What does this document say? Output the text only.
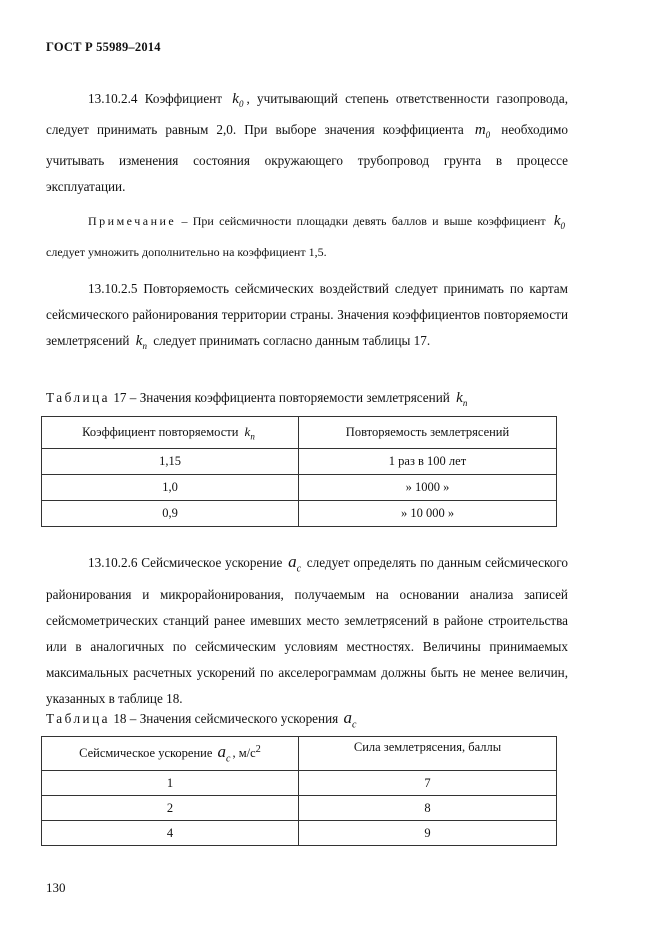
ГОСТ Р 55989–2014
13.10.2.4 Коэффициент $k_0$ , учитывающий степень ответственности газопровода, следует принимать равным 2,0. При выборе значения коэффициента $m_0$ необходимо учитывать изменения состояния окружающего трубопровод грунта в процессе эксплуатации.
Примечание – При сейсмичности площадки девять баллов и выше коэффициент $k_0$ следует умножить дополнительно на коэффициент 1,5.
13.10.2.5 Повторяемость сейсмических воздействий следует принимать по картам сейсмического районирования территории страны. Значения коэффициентов повторяемости землетрясений $k_п$ следует принимать согласно данным таблицы 17.
Таблица 17 – Значения коэффициента повторяемости землетрясений $k_п$
Коэффициент повторяемости $k_п$	Повторяемость землетрясений
1,15	1 раз в 100 лет
1,0	» 1000 »
0,9	» 10 000 »
13.10.2.6 Сейсмическое ускорение $a_c$ следует определять по данным сейсмического районирования и микрорайонирования, получаемым на основании анализа записей сейсмометрических станций ранее имевших место землетрясений в районе строительства или в аналогичных по сейсмическим условиям местностях. Величины принимаемых максимальных расчетных ускорений по акселерограммам должны быть не менее величин, указанных в таблице 18.
Таблица 18 – Значения сейсмического ускорения $a_c$
Сейсмическое ускорение $a_c$ , $м/с^2$	Сила землетрясения, баллы
1	7
2	8
4	9
130
